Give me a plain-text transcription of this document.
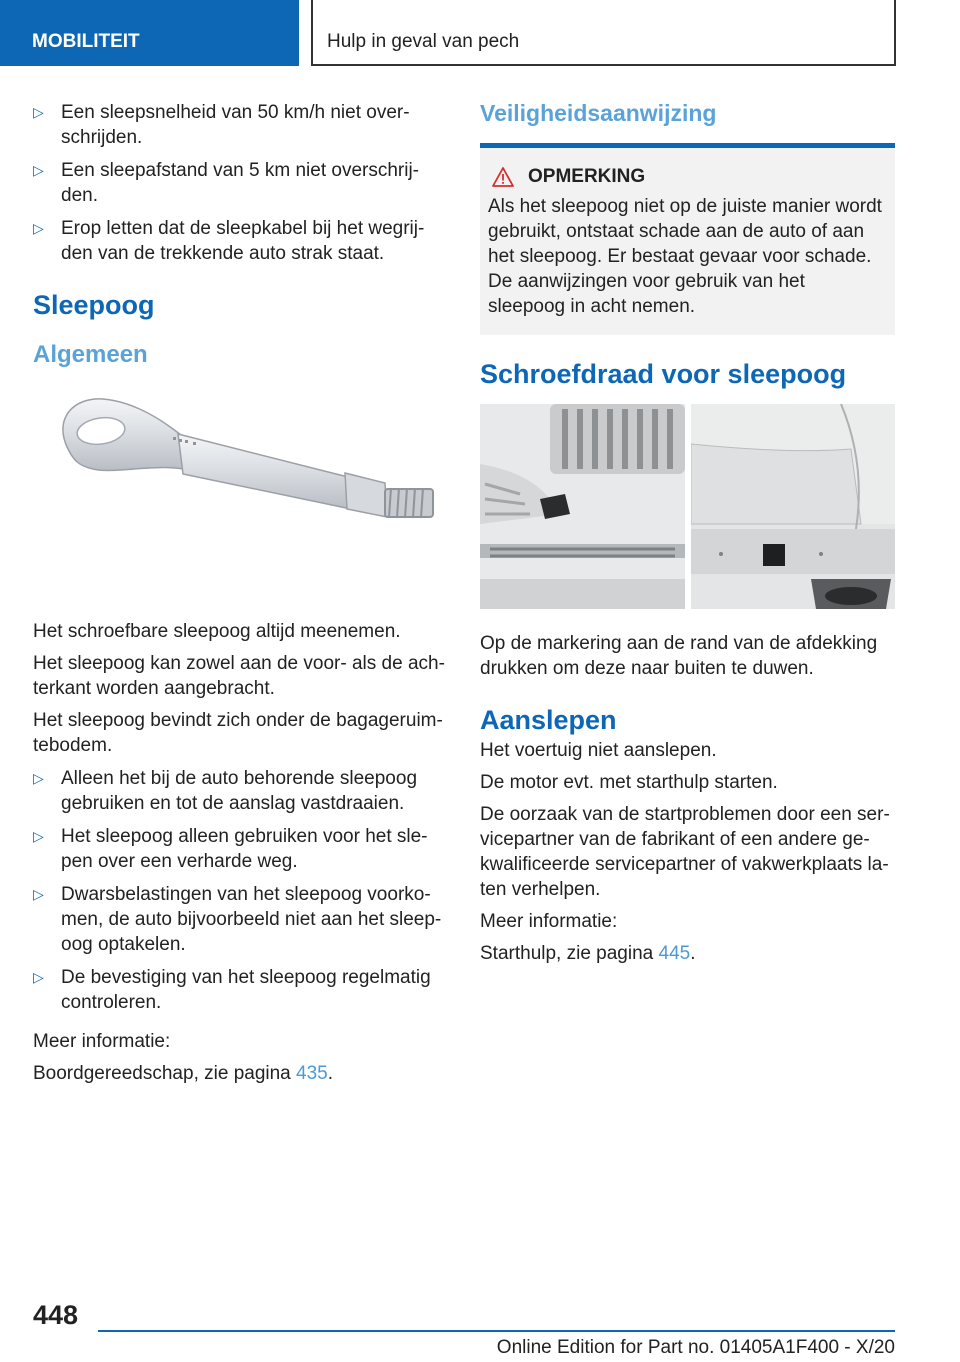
MOBILITEIT	Hulp in geval van pech
▷ Een sleepsnelheid van 50 km/h niet over-schrijden.
▷ Een sleepafstand van 5 km niet overschrij-den.
▷ Erop letten dat de sleepkabel bij het wegrij-den van de trekkende auto strak staat.
Sleepoog
Algemeen

Het schroefbare sleepoog altijd meenemen.

Het sleepoog kan zowel aan de voor- als de ach-terkant worden aangebracht.

Het sleepoog bevindt zich onder de bagageruim-tebodem.

▷ Alleen het bij de auto behorende sleepoog gebruiken en tot de aanslag vastdraaien.
▷ Het sleepoog alleen gebruiken voor het sle-pen over een verharde weg.
▷ Dwarsbelastingen van het sleepoog voorko-men, de auto bijvoorbeeld niet aan het sleep-oog optakelen.
▷ De bevestiging van het sleepoog regelmatig controleren.

Meer informatie:

Boordgereedschap, zie pagina 435.

Veiligheidsaanwijzing
OPMERKING

Als het sleepoog niet op de juiste manier wordt gebruikt, ontstaat schade aan de auto of aan het sleepoog. Er bestaat gevaar voor schade. De aanwijzingen voor gebruik van het sleepoog in acht nemen.

Schroefdraad voor sleepoog

Op de markering aan de rand van de afdekking drukken om deze naar buiten te duwen.

Aanslepen

Het voertuig niet aanslepen.

De motor evt. met starthulp starten.

De oorzaak van de startproblemen door een ser-vicepartner van de fabrikant of een andere ge-kwalificeerde servicepartner of vakwerkplaats la-ten verhelpen.

Meer informatie:

Starthulp, zie pagina 445.

448
Online Edition for Part no. 01405A1F400 - X/20
